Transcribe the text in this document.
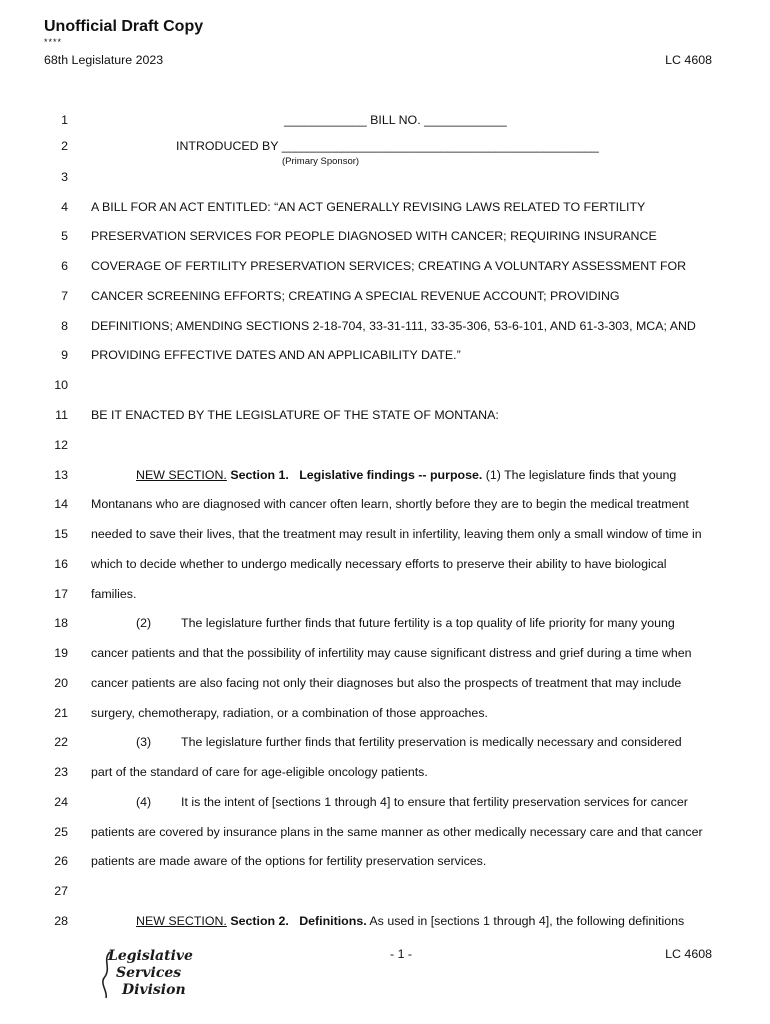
Unofficial Draft Copy
****
68th Legislature 2023	LC 4608
1	____________ BILL NO. ____________
2	INTRODUCED BY ______________________________________________
3
4 A BILL FOR AN ACT ENTITLED: “AN ACT GENERALLY REVISING LAWS RELATED TO FERTILITY
5 PRESERVATION SERVICES FOR PEOPLE DIAGNOSED WITH CANCER; REQUIRING INSURANCE
6 COVERAGE OF FERTILITY PRESERVATION SERVICES; CREATING A VOLUNTARY ASSESSMENT FOR
7 CANCER SCREENING EFFORTS; CREATING A SPECIAL REVENUE ACCOUNT; PROVIDING
8 DEFINITIONS; AMENDING SECTIONS 2-18-704, 33-31-111, 33-35-306, 53-6-101, AND 61-3-303, MCA; AND
9 PROVIDING EFFECTIVE DATES AND AN APPLICABILITY DATE.”
10
11 BE IT ENACTED BY THE LEGISLATURE OF THE STATE OF MONTANA:
12
13
14 Montanans who are diagnosed with cancer often learn, shortly before they are to begin the medical treatment
15 needed to save their lives, that the treatment may result in infertility, leaving them only a small window of time in
16 which to decide whether to undergo medically necessary efforts to preserve their ability to have biological
17 families.
18
19 cancer patients and that the possibility of infertility may cause significant distress and grief during a time when
20 cancer patients are also facing not only their diagnoses but also the prospects of treatment that may include
21 surgery, chemotherapy, radiation, or a combination of those approaches.
22
23 part of the standard of care for age-eligible oncology patients.
24
25 patients are covered by insurance plans in the same manner as other medically necessary care and that cancer
26 patients are made aware of the options for fertility preservation services.
27
28
NEW SECTION. Section 1. Legislative findings -- purpose. (1) The legislature finds that young
(2) The legislature further finds that future fertility is a top quality of life priority for many young
(3) The legislature further finds that fertility preservation is medically necessary and considered
(4) It is the intent of [sections 1 through 4] to ensure that fertility preservation services for cancer
NEW SECTION. Section 2. Definitions. As used in [sections 1 through 4], the following definitions
(Primary Sponsor)
- 1 -	LC 4608
Legislative
Services
Division
